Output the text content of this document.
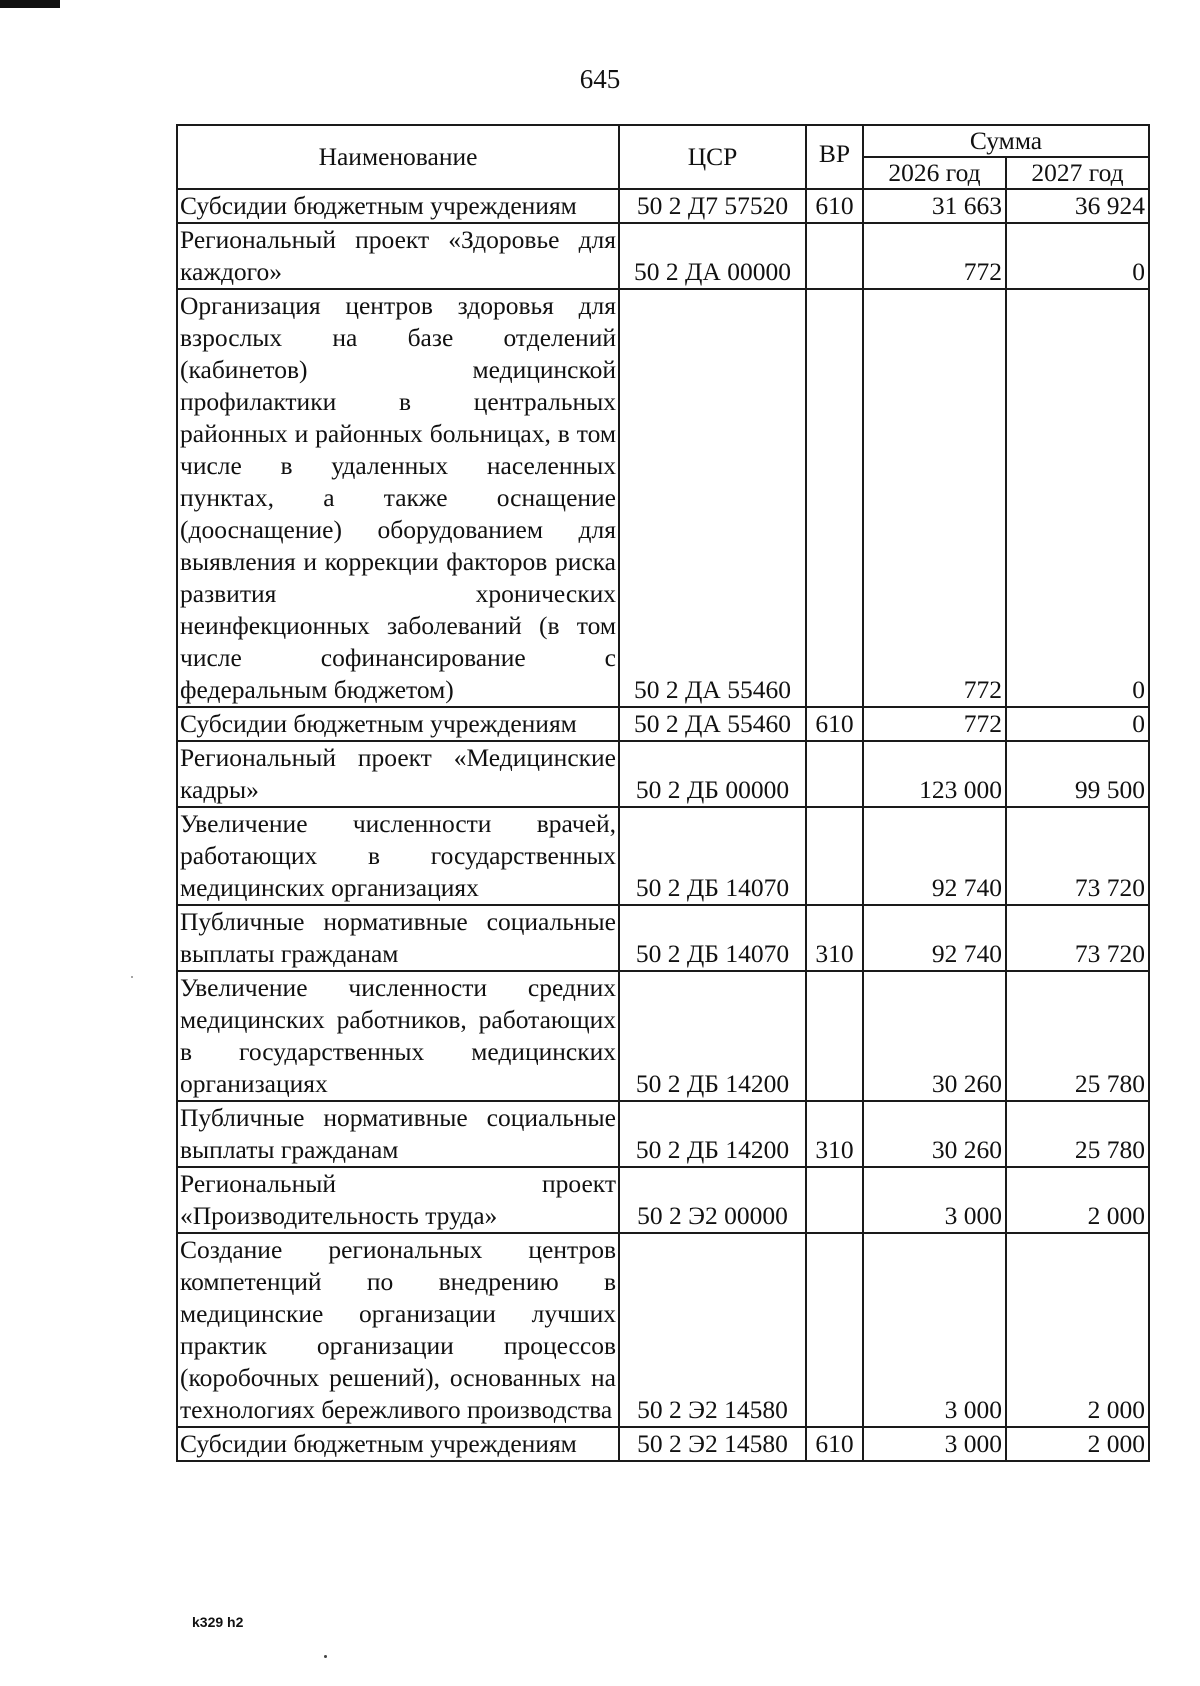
645
Наименование	ЦСР	ВР	Сумма	
			2026 год	2027 год
Субсидии бюджетным учреждениям	50 2 Д7 57520	610	31 663	36 924
Региональный проект «Здоровье для каждого»	50 2 ДА 00000		772	0
Организация центров здоровья для взрослых на базе отделений (кабинетов) медицинской профилактики в центральных районных и районных больницах, в том числе в удаленных населенных пунктах, а также оснащение (дооснащение) оборудованием для выявления и коррекции факторов риска развития хронических неинфекционных заболеваний (в том числе софинансирование с федеральным бюджетом)	50 2 ДА 55460		772	0
Субсидии бюджетным учреждениям	50 2 ДА 55460	610	772	0
Региональный проект «Медицинские кадры»	50 2 ДБ 00000		123 000	99 500
Увеличение численности врачей, работающих в государственных медицинских организациях	50 2 ДБ 14070		92 740	73 720
Публичные нормативные социальные выплаты гражданам	50 2 ДБ 14070	310	92 740	73 720
Увеличение численности средних медицинских работников, работающих в государственных медицинских организациях	50 2 ДБ 14200		30 260	25 780
Публичные нормативные социальные выплаты гражданам	50 2 ДБ 14200	310	30 260	25 780
Региональный проект «Производительность труда»	50 2 Э2 00000		3 000	2 000
Создание региональных центров компетенций по внедрению в медицинские организации лучших практик организации процессов (коробочных решений), основанных на технологиях бережливого производства	50 2 Э2 14580		3 000	2 000
Субсидии бюджетным учреждениям	50 2 Э2 14580	610	3 000	2 000
k329 h2
